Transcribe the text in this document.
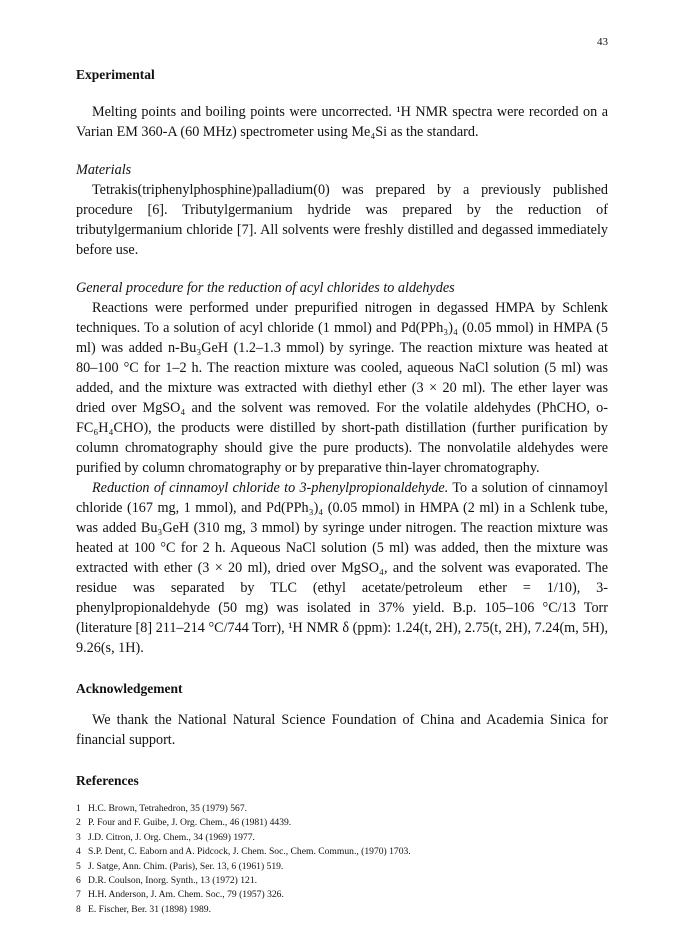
43
Experimental

Melting points and boiling points were uncorrected. ¹H NMR spectra were recorded on a Varian EM 360-A (60 MHz) spectrometer using Me₄Si as the standard.

Materials

Tetrakis(triphenylphosphine)palladium(0) was prepared by a previously published procedure [6]. Tributylgermanium hydride was prepared by the reduction of tributylgermanium chloride [7]. All solvents were freshly distilled and degassed immediately before use.

General procedure for the reduction of acyl chlorides to aldehydes

Reactions were performed under prepurified nitrogen in degassed HMPA by Schlenk techniques. To a solution of acyl chloride (1 mmol) and Pd(PPh₃)₄ (0.05 mmol) in HMPA (5 ml) was added n-Bu₃GeH (1.2–1.3 mmol) by syringe. The reaction mixture was heated at 80–100 °C for 1–2 h. The reaction mixture was cooled, aqueous NaCl solution (5 ml) was added, and the mixture was extracted with diethyl ether (3 × 20 ml). The ether layer was dried over MgSO₄ and the solvent was removed. For the volatile aldehydes (PhCHO, o-FC₆H₄CHO), the products were distilled by short-path distillation (further purification by column chromatography should give the pure products). The nonvolatile aldehydes were purified by column chromatography or by preparative thin-layer chromatography.

Reduction of cinnamoyl chloride to 3-phenylpropionaldehyde. To a solution of cinnamoyl chloride (167 mg, 1 mmol), and Pd(PPh₃)₄ (0.05 mmol) in HMPA (2 ml) in a Schlenk tube, was added Bu₃GeH (310 mg, 3 mmol) by syringe under nitrogen. The reaction mixture was heated at 100 °C for 2 h. Aqueous NaCl solution (5 ml) was added, then the mixture was extracted with ether (3 × 20 ml), dried over MgSO₄, and the solvent was evaporated. The residue was separated by TLC (ethyl acetate/petroleum ether = 1/10), 3-phenylpropionaldehyde (50 mg) was isolated in 37% yield. B.p. 105–106 °C/13 Torr (literature [8] 211–214 °C/744 Torr), ¹H NMR δ (ppm): 1.24(t, 2H), 2.75(t, 2H), 7.24(m, 5H), 9.26(s, 1H).

Acknowledgement

We thank the National Natural Science Foundation of China and Academia Sinica for financial support.

References
1 H.C. Brown, Tetrahedron, 35 (1979) 567.
2 P. Four and F. Guibe, J. Org. Chem., 46 (1981) 4439.
3 J.D. Citron, J. Org. Chem., 34 (1969) 1977.
4 S.P. Dent, C. Eaborn and A. Pidcock, J. Chem. Soc., Chem. Commun., (1970) 1703.
5 J. Satge, Ann. Chim. (Paris), Ser. 13, 6 (1961) 519.
6 D.R. Coulson, Inorg. Synth., 13 (1972) 121.
7 H.H. Anderson, J. Am. Chem. Soc., 79 (1957) 326.
8 E. Fischer, Ber. 31 (1898) 1989.
